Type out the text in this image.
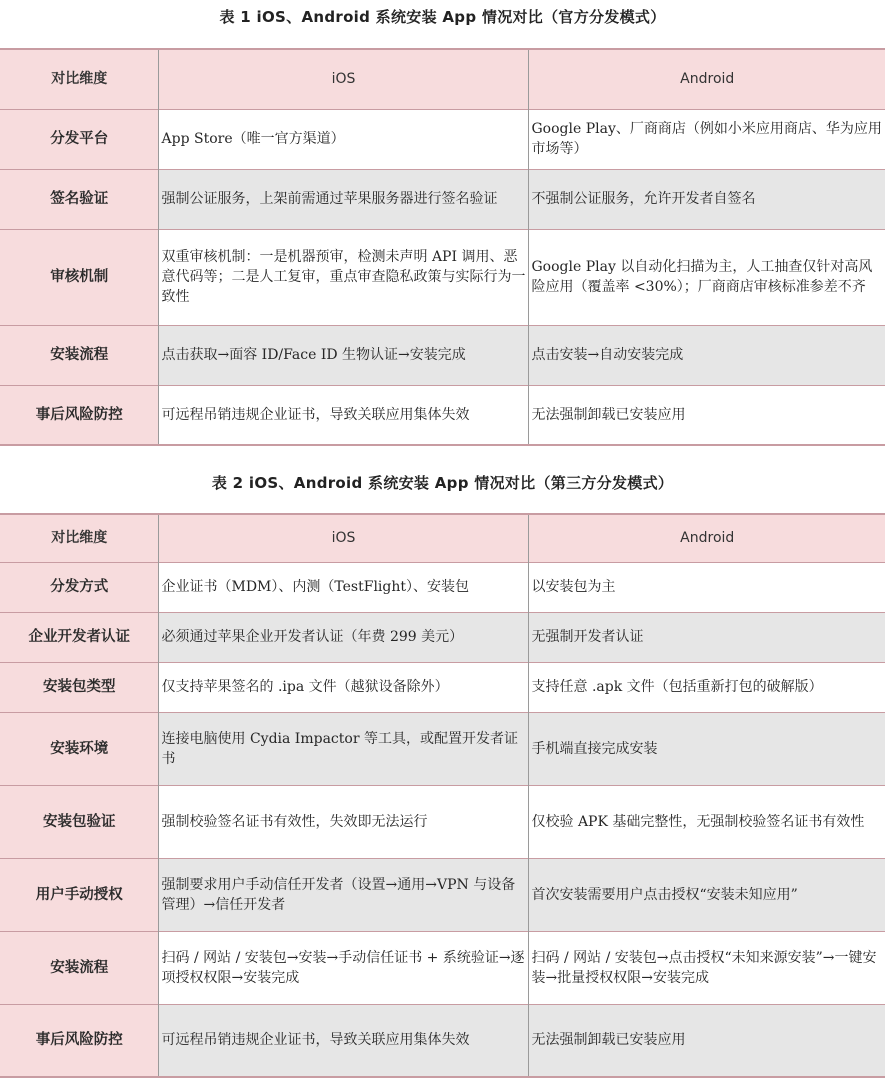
表 1 iOS、Android 系统安装 App 情况对比（官方分发模式）
对比维度	iOS	Android
分发平台	App Store（唯一官方渠道）	Google Play、厂商商店（例如小米应用商店、华为应用市场等）
签名验证	强制公证服务，上架前需通过苹果服务器进行签名验证	不强制公证服务，允许开发者自签名
审核机制	双重审核机制：一是机器预审，检测未声明 API 调用、恶意代码等；二是人工复审，重点审查隐私政策与实际行为一致性	Google Play 以自动化扫描为主，人工抽查仅针对高风险应用（覆盖率 <30%）；厂商商店审核标准参差不齐
安装流程	点击获取→面容 ID/Face ID 生物认证→安装完成	点击安装→自动安装完成
事后风险防控	可远程吊销违规企业证书，导致关联应用集体失效	无法强制卸载已安装应用
表 2 iOS、Android 系统安装 App 情况对比（第三方分发模式）
对比维度	iOS	Android
分发方式	企业证书（MDM）、内测（TestFlight）、安装包	以安装包为主
企业开发者认证	必须通过苹果企业开发者认证（年费 299 美元）	无强制开发者认证
安装包类型	仅支持苹果签名的 .ipa 文件（越狱设备除外）	支持任意 .apk 文件（包括重新打包的破解版）
安装环境	连接电脑使用 Cydia Impactor 等工具，或配置开发者证书	手机端直接完成安装
安装包验证	强制校验签名证书有效性，失效即无法运行	仅校验 APK 基础完整性，无强制校验签名证书有效性
用户手动授权	强制要求用户手动信任开发者（设置→通用→VPN 与设备管理）→信任开发者	首次安装需要用户点击授权“安装未知应用”
安装流程	扫码 / 网站 / 安装包→安装→手动信任证书 + 系统验证→逐项授权权限→安装完成	扫码 / 网站 / 安装包→点击授权“未知来源安装”→一键安装→批量授权权限→安装完成
事后风险防控	可远程吊销违规企业证书，导致关联应用集体失效	无法强制卸载已安装应用
